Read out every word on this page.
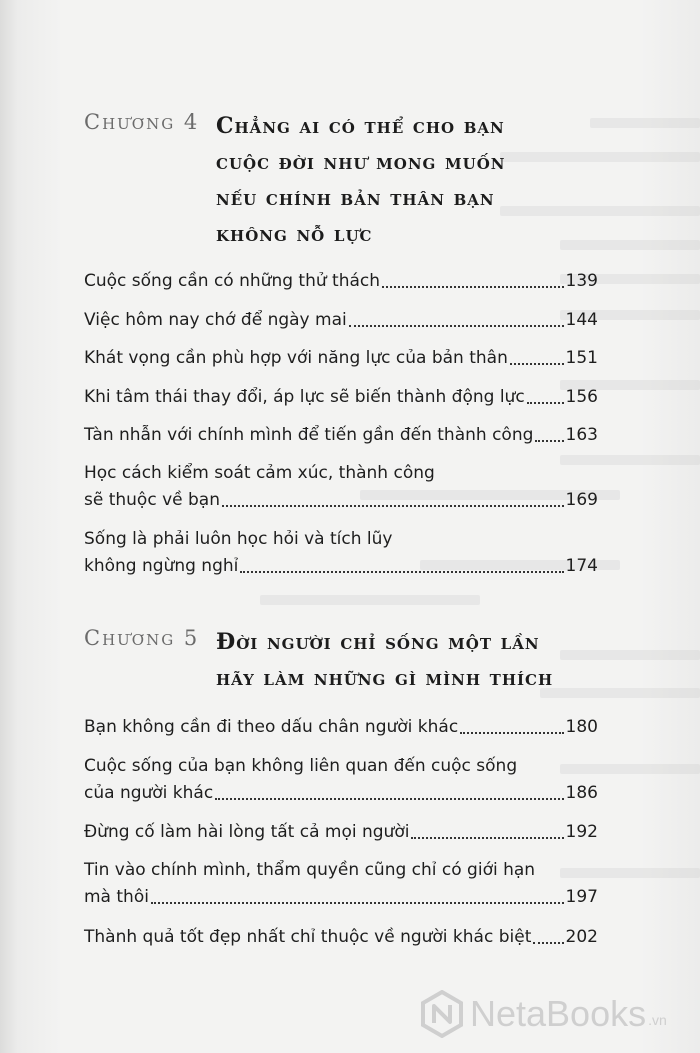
Chương 4 Chẳng ai có thể cho bạn
cuộc đời như mong muốn
nếu chính bản thân bạn
không nỗ lực
Cuộc sống cần có những thử thách	139
Việc hôm nay chớ để ngày mai	144
Khát vọng cần phù hợp với năng lực của bản thân	151
Khi tâm thái thay đổi, áp lực sẽ biến thành động lực 156
Tàn nhẫn với chính mình để tiến gần đến thành công 163
Học cách kiểm soát cảm xúc, thành công
sẽ thuộc về bạn	169
Sống là phải luôn học hỏi và tích lũy
không ngừng nghỉ	174
Chương 5 Đời người chỉ sống một lần
hãy làm những gì mình thích
Bạn không cần đi theo dấu chân người khác	180
Cuộc sống của bạn không liên quan đến cuộc sống
của người khác	186
Đừng cố làm hài lòng tất cả mọi người	192
Tin vào chính mình, thẩm quyền cũng chỉ có giới hạn
mà thôi	197
Thành quả tốt đẹp nhất chỉ thuộc về người khác biệt 202
NetaBooks .vn
